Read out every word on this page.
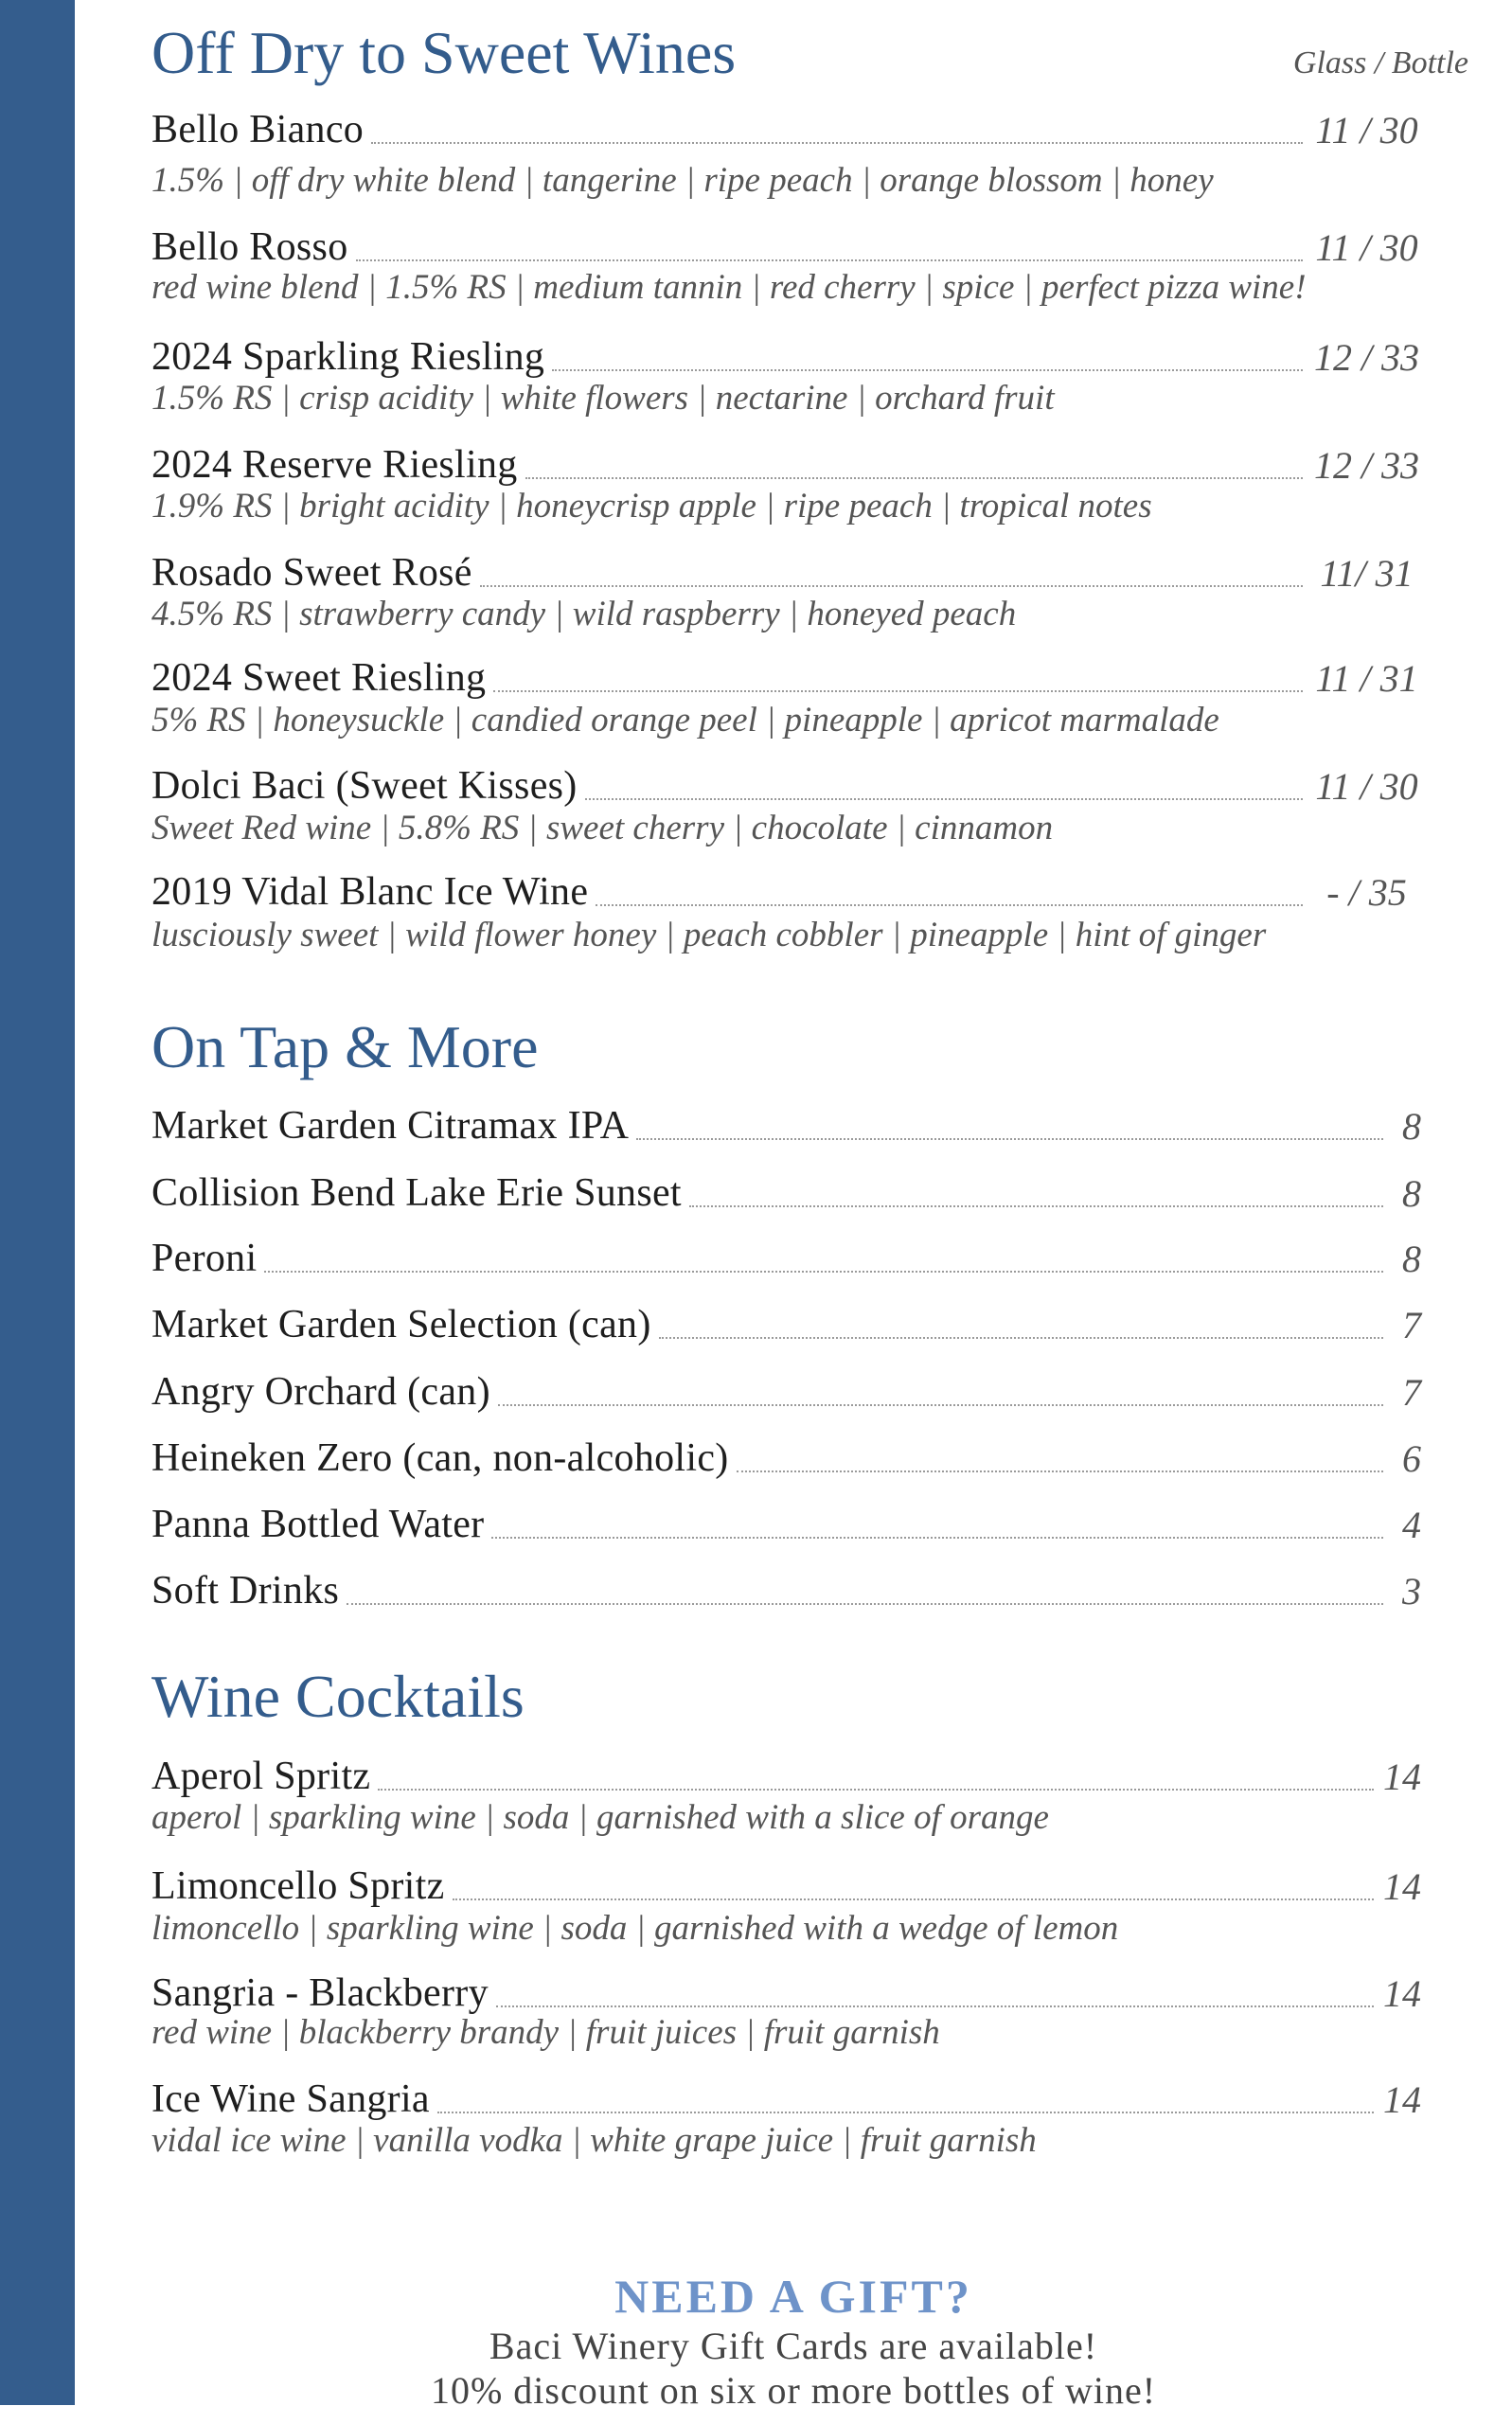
Off Dry to Sweet Wines	Glass / Bottle
Bello Bianco	11 / 30
1.5% | off dry white blend | tangerine | ripe peach | orange blossom | honey
Bello Rosso	11 / 30
red wine blend | 1.5% RS | medium tannin | red cherry | spice | perfect pizza wine!
2024 Sparkling Riesling	12 / 33
1.5% RS | crisp acidity | white flowers | nectarine | orchard fruit
2024 Reserve Riesling	12 / 33
1.9% RS | bright acidity | honeycrisp apple | ripe peach | tropical notes
Rosado Sweet Rosé	11/ 31
4.5% RS | strawberry candy | wild raspberry | honeyed peach
2024 Sweet Riesling	11 / 31
5% RS | honeysuckle | candied orange peel | pineapple | apricot marmalade
Dolci Baci (Sweet Kisses)	11 / 30
Sweet Red wine | 5.8% RS | sweet cherry | chocolate | cinnamon
2019 Vidal Blanc Ice Wine	- / 35
lusciously sweet | wild flower honey | peach cobbler | pineapple | hint of ginger
On Tap & More
Market Garden Citramax IPA	8
Collision Bend Lake Erie Sunset	8
Peroni	8
Market Garden Selection (can)	7
Angry Orchard (can)	7
Heineken Zero (can, non-alcoholic)	6
Panna Bottled Water	4
Soft Drinks	3
Wine Cocktails
Aperol Spritz	14
aperol | sparkling wine | soda | garnished with a slice of orange
Limoncello Spritz	14
limoncello | sparkling wine | soda | garnished with a wedge of lemon
Sangria - Blackberry	14
red wine | blackberry brandy | fruit juices | fruit garnish
Ice Wine Sangria	14
vidal ice wine | vanilla vodka | white grape juice | fruit garnish
NEED A GIFT?
Baci Winery Gift Cards are available!
10% discount on six or more bottles of wine!
